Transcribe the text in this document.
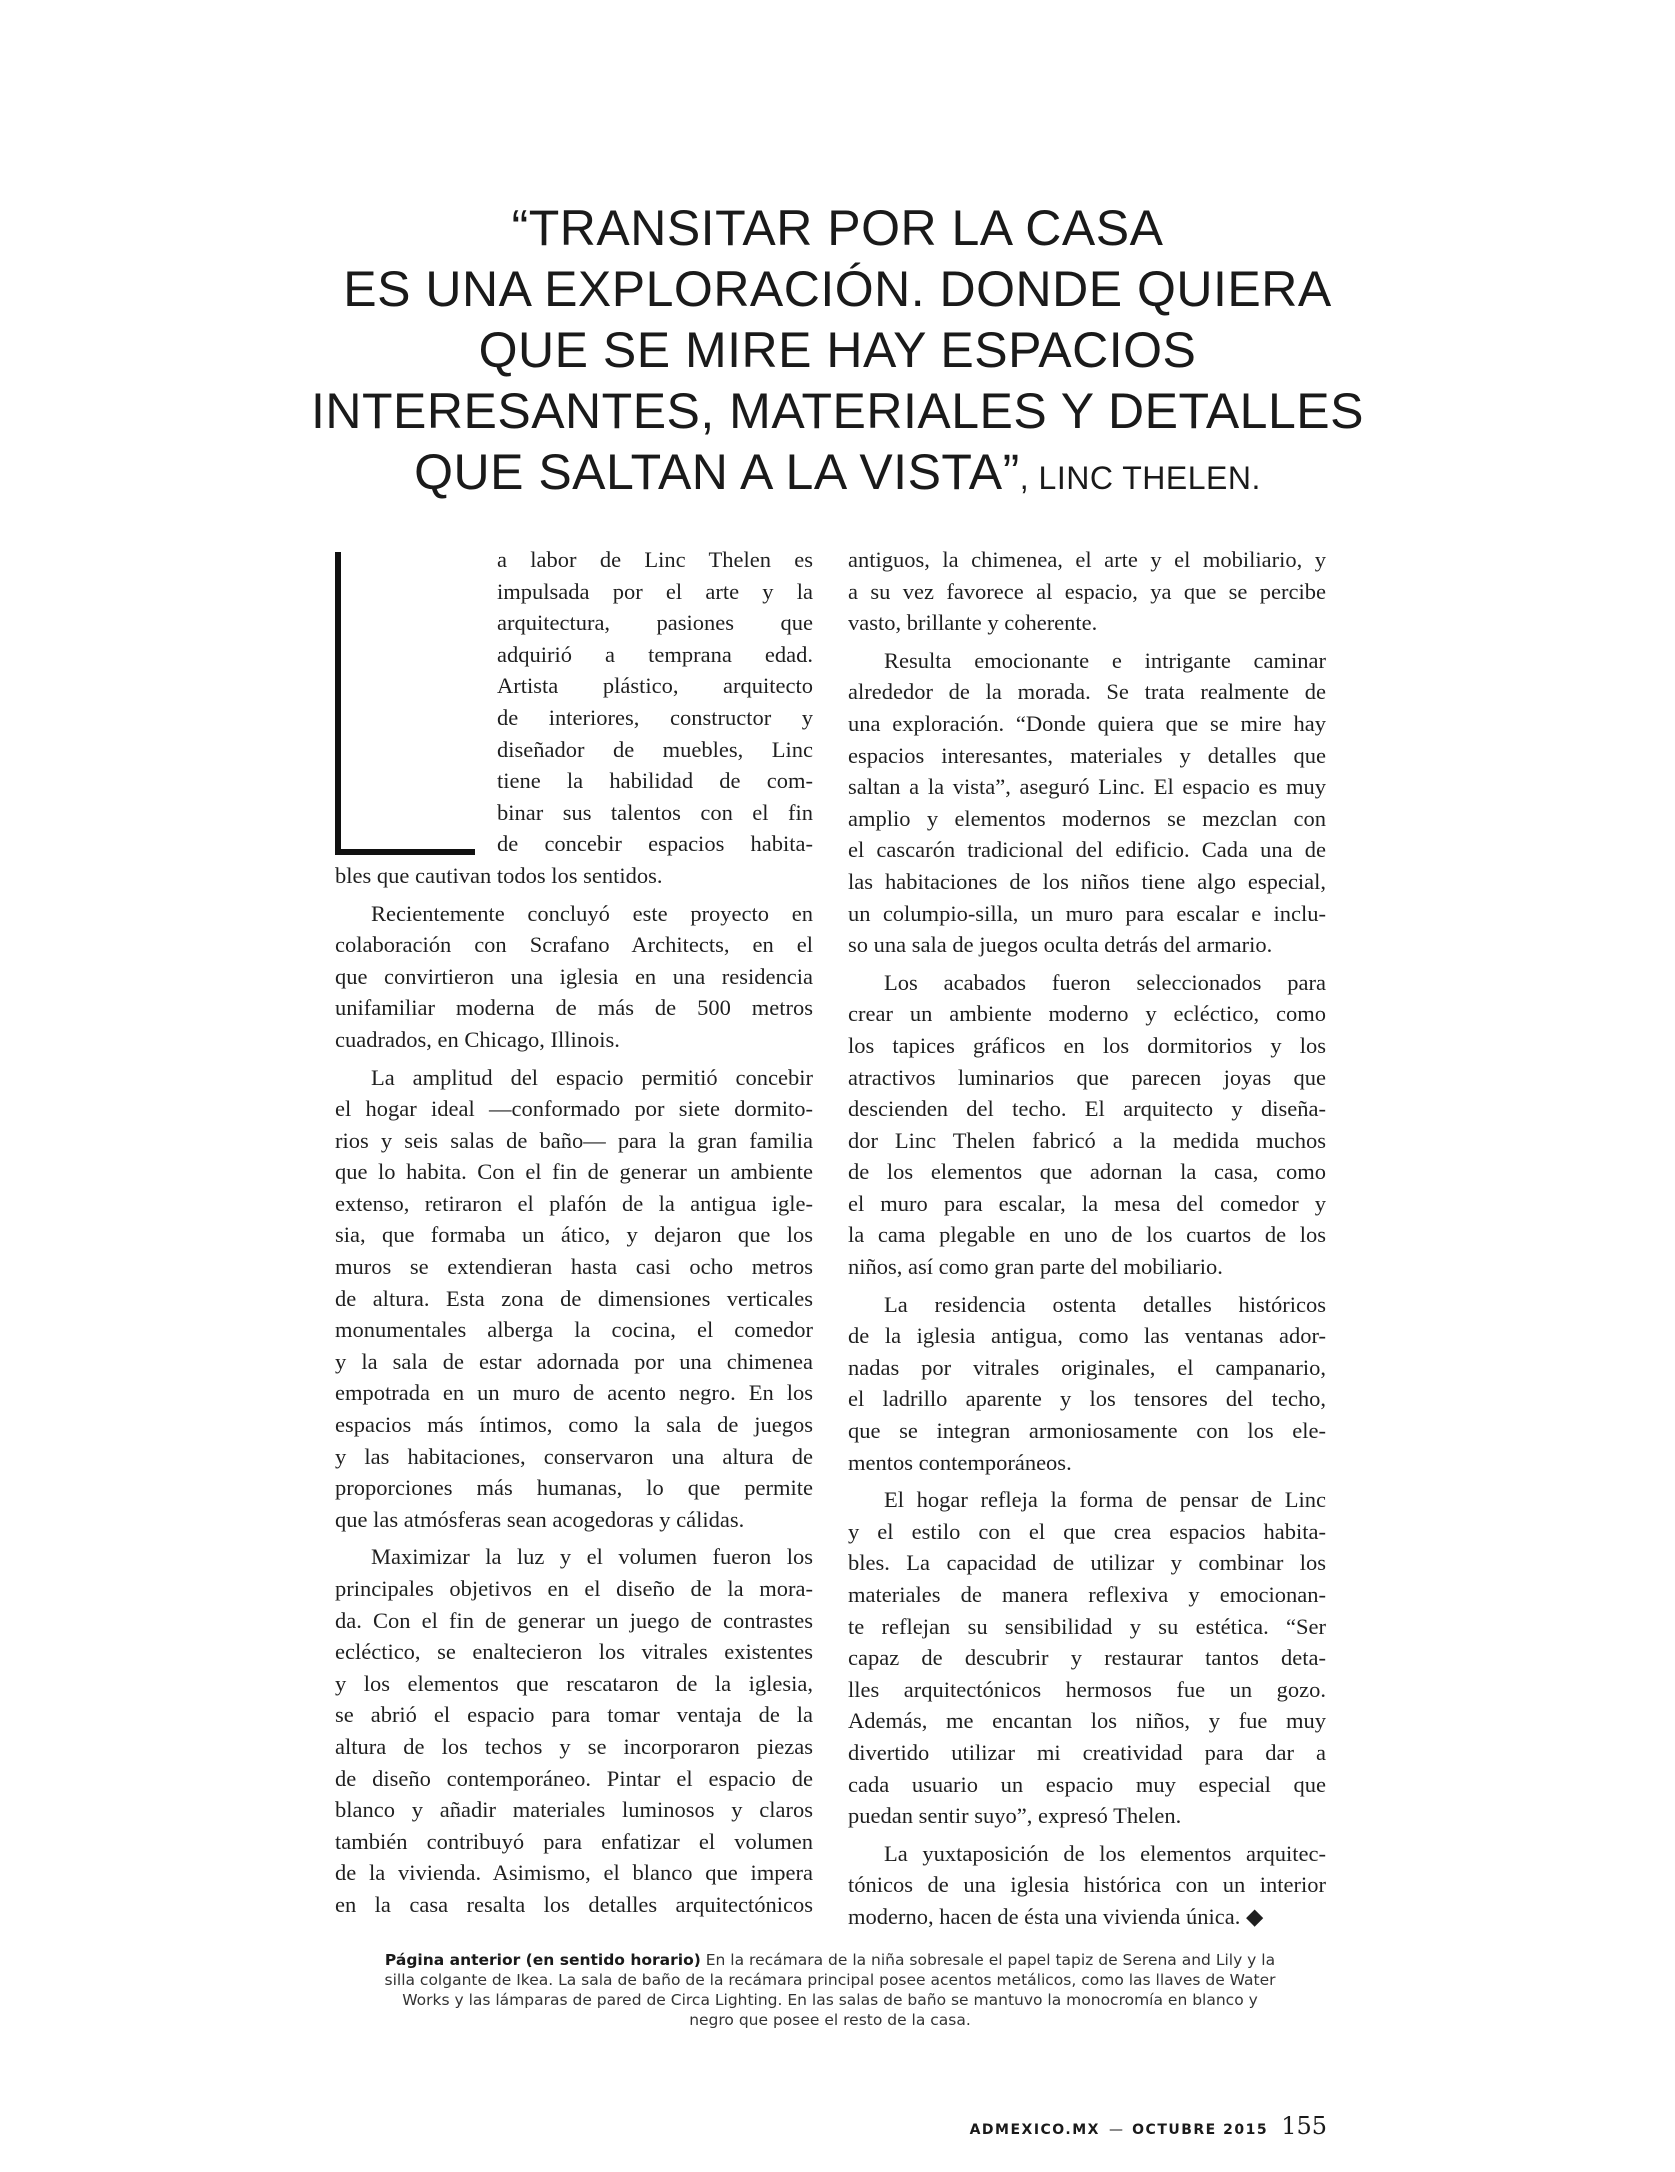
“TRANSITAR POR LA CASA
ES UNA EXPLORACIÓN. DONDE QUIERA
QUE SE MIRE HAY ESPACIOS
INTERESANTES, MATERIALES Y DETALLES
QUE SALTAN A LA VISTA”, LINC THELEN.
a labor de Linc Thelen es
impulsada por el arte y la
arquitectura, pasiones que
adquirió a temprana edad.
Artista plástico, arquitecto
de interiores, constructor y
diseñador de muebles, Linc
tiene la habilidad de com-
binar sus talentos con el fin
de concebir espacios habita-
bles que cautivan todos los sentidos.
Recientemente concluyó este proyecto en
colaboración con Scrafano Architects, en el
que convirtieron una iglesia en una residencia
unifamiliar moderna de más de 500 metros
cuadrados, en Chicago, Illinois.
La amplitud del espacio permitió concebir
el hogar ideal —conformado por siete dormito-
rios y seis salas de baño— para la gran familia
que lo habita. Con el fin de generar un ambiente
extenso, retiraron el plafón de la antigua igle-
sia, que formaba un ático, y dejaron que los
muros se extendieran hasta casi ocho metros
de altura. Esta zona de dimensiones verticales
monumentales alberga la cocina, el comedor
y la sala de estar adornada por una chimenea
empotrada en un muro de acento negro. En los
espacios más íntimos, como la sala de juegos
y las habitaciones, conservaron una altura de
proporciones más humanas, lo que permite
que las atmósferas sean acogedoras y cálidas.
Maximizar la luz y el volumen fueron los
principales objetivos en el diseño de la mora-
da. Con el fin de generar un juego de contrastes
ecléctico, se enaltecieron los vitrales existentes
y los elementos que rescataron de la iglesia,
se abrió el espacio para tomar ventaja de la
altura de los techos y se incorporaron piezas
de diseño contemporáneo. Pintar el espacio de
blanco y añadir materiales luminosos y claros
también contribuyó para enfatizar el volumen
de la vivienda. Asimismo, el blanco que impera
en la casa resalta los detalles arquitectónicos
antiguos, la chimenea, el arte y el mobiliario, y
a su vez favorece al espacio, ya que se percibe
vasto, brillante y coherente.
Resulta emocionante e intrigante caminar
alrededor de la morada. Se trata realmente de
una exploración. “Donde quiera que se mire hay
espacios interesantes, materiales y detalles que
saltan a la vista”, aseguró Linc. El espacio es muy
amplio y elementos modernos se mezclan con
el cascarón tradicional del edificio. Cada una de
las habitaciones de los niños tiene algo especial,
un columpio-silla, un muro para escalar e inclu-
so una sala de juegos oculta detrás del armario.
Los acabados fueron seleccionados para
crear un ambiente moderno y ecléctico, como
los tapices gráficos en los dormitorios y los
atractivos luminarios que parecen joyas que
descienden del techo. El arquitecto y diseña-
dor Linc Thelen fabricó a la medida muchos
de los elementos que adornan la casa, como
el muro para escalar, la mesa del comedor y
la cama plegable en uno de los cuartos de los
niños, así como gran parte del mobiliario.
La residencia ostenta detalles históricos
de la iglesia antigua, como las ventanas ador-
nadas por vitrales originales, el campanario,
el ladrillo aparente y los tensores del techo,
que se integran armoniosamente con los ele-
mentos contemporáneos.
El hogar refleja la forma de pensar de Linc
y el estilo con el que crea espacios habita-
bles. La capacidad de utilizar y combinar los
materiales de manera reflexiva y emocionan-
te reflejan su sensibilidad y su estética. “Ser
capaz de descubrir y restaurar tantos deta-
lles arquitectónicos hermosos fue un gozo.
Además, me encantan los niños, y fue muy
divertido utilizar mi creatividad para dar a
cada usuario un espacio muy especial que
puedan sentir suyo”, expresó Thelen.
La yuxtaposición de los elementos arquitec-
tónicos de una iglesia histórica con un interior
moderno, hacen de ésta una vivienda única. ◆
Página anterior (en sentido horario) En la recámara de la niña sobresale el papel tapiz de Serena and Lily y la
silla colgante de Ikea. La sala de baño de la recámara principal posee acentos metálicos, como las llaves de Water
Works y las lámparas de pared de Circa Lighting. En las salas de baño se mantuvo la monocromía en blanco y
negro que posee el resto de la casa.
ADMEXICO.MX — OCTUBRE 2015 155
